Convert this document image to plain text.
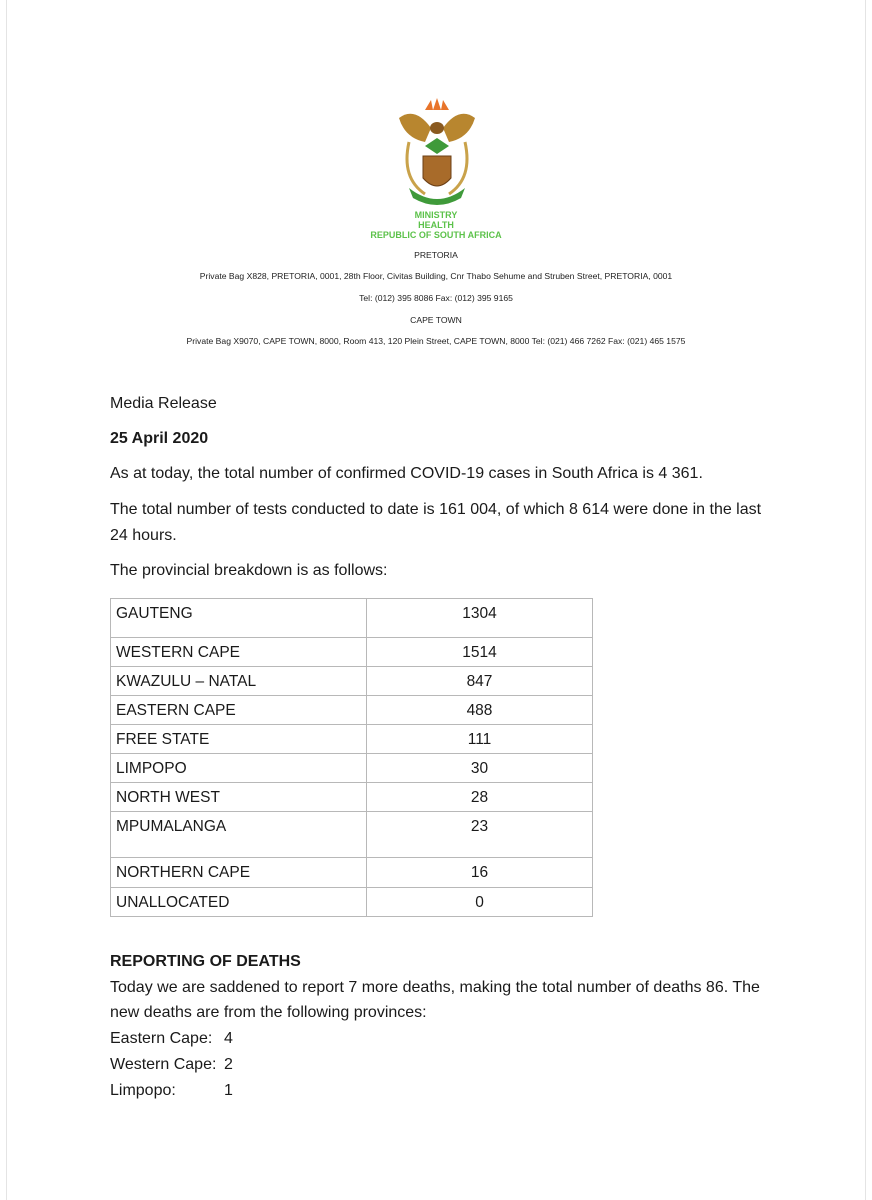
MINISTRY
HEALTH
REPUBLIC OF SOUTH AFRICA
PRETORIA
Private Bag X828, PRETORIA, 0001, 28th Floor, Civitas Building, Cnr Thabo Sehume and Struben Street, PRETORIA, 0001
Tel: (012) 395 8086 Fax: (012) 395 9165
CAPE TOWN
Private Bag X9070, CAPE TOWN, 8000, Room 413, 120 Plein Street, CAPE TOWN, 8000 Tel: (021) 466 7262 Fax: (021) 465 1575
Media Release
25 April 2020
As at today, the total number of confirmed COVID-19 cases in South Africa is 4 361.
The total number of tests conducted to date is 161 004, of which 8 614 were done in the last
24 hours.
The provincial breakdown is as follows:
GAUTENG	1304
WESTERN CAPE	1514
KWAZULU – NATAL	847
EASTERN CAPE	488
FREE STATE	111
LIMPOPO	30
NORTH WEST	28
MPUMALANGA	23
NORTHERN CAPE	16
UNALLOCATED	0
REPORTING OF DEATHS
Today we are saddened to report 7 more deaths, making the total number of deaths 86. The
new deaths are from the following provinces:
Eastern Cape: 4
Western Cape: 2
Limpopo:	1
